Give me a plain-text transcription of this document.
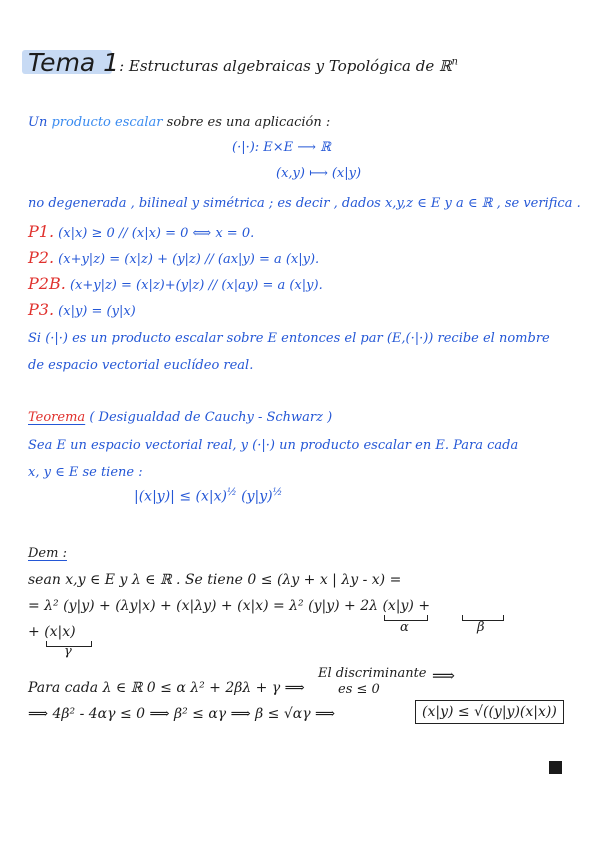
Tema 1: Estructuras algebraicas y Topológica de ℝ$^n$
Un producto escalar sobre es una aplicación :
(·|·): E×E ⟶ ℝ
(x,y) ⟼ (x|y)
no degenerada , bilineal y simétrica ; es decir , dados x,y,z ∈ E y a ∈ ℝ , se verifica .
P1. (x|x) ≥ 0 // (x|x) = 0 ⟺ x = 0.
P2. (x+y|z) = (x|z) + (y|z) // (ax|y) = a (x|y).
P2B. (x+y|z) = (x|z)+(y|z) // (x|ay) = a (x|y).
P3. (x|y) = (y|x)
Si (·|·) es un producto escalar sobre E entonces el par (E,(·|·)) recibe el nombre
de espacio vectorial euclídeo real.
Teorema ( Desigualdad de Cauchy - Schwarz )
Sea E un espacio vectorial real, y (·|·) un producto escalar en E. Para cada
x, y ∈ E se tiene :
$|(x|y)| \le (x|x)^{\frac{1}{2}}$ $(y|y)^{\frac{1}{2}}$
Dem :
sean x,y ∈ E y λ ∈ ℝ . Se tiene 0 ≤ (λy + x | λy - x) =
= λ² (y|y) + (λy|x) + (x|λy) + (x|x) = λ² (y|y) + 2λ (x|y) +
α	β
+ (x|x)
γ
El discriminante
es ≤ 0
Para cada λ ∈ ℝ 0 ≤ α λ² + 2βλ + γ ⟹
⟹
⟹ 4β² - 4αγ ≤ 0 ⟹ β² ≤ αγ ⟹ β ≤ √αγ ⟹	(x|y) ≤ √((y|y)(x|x))
